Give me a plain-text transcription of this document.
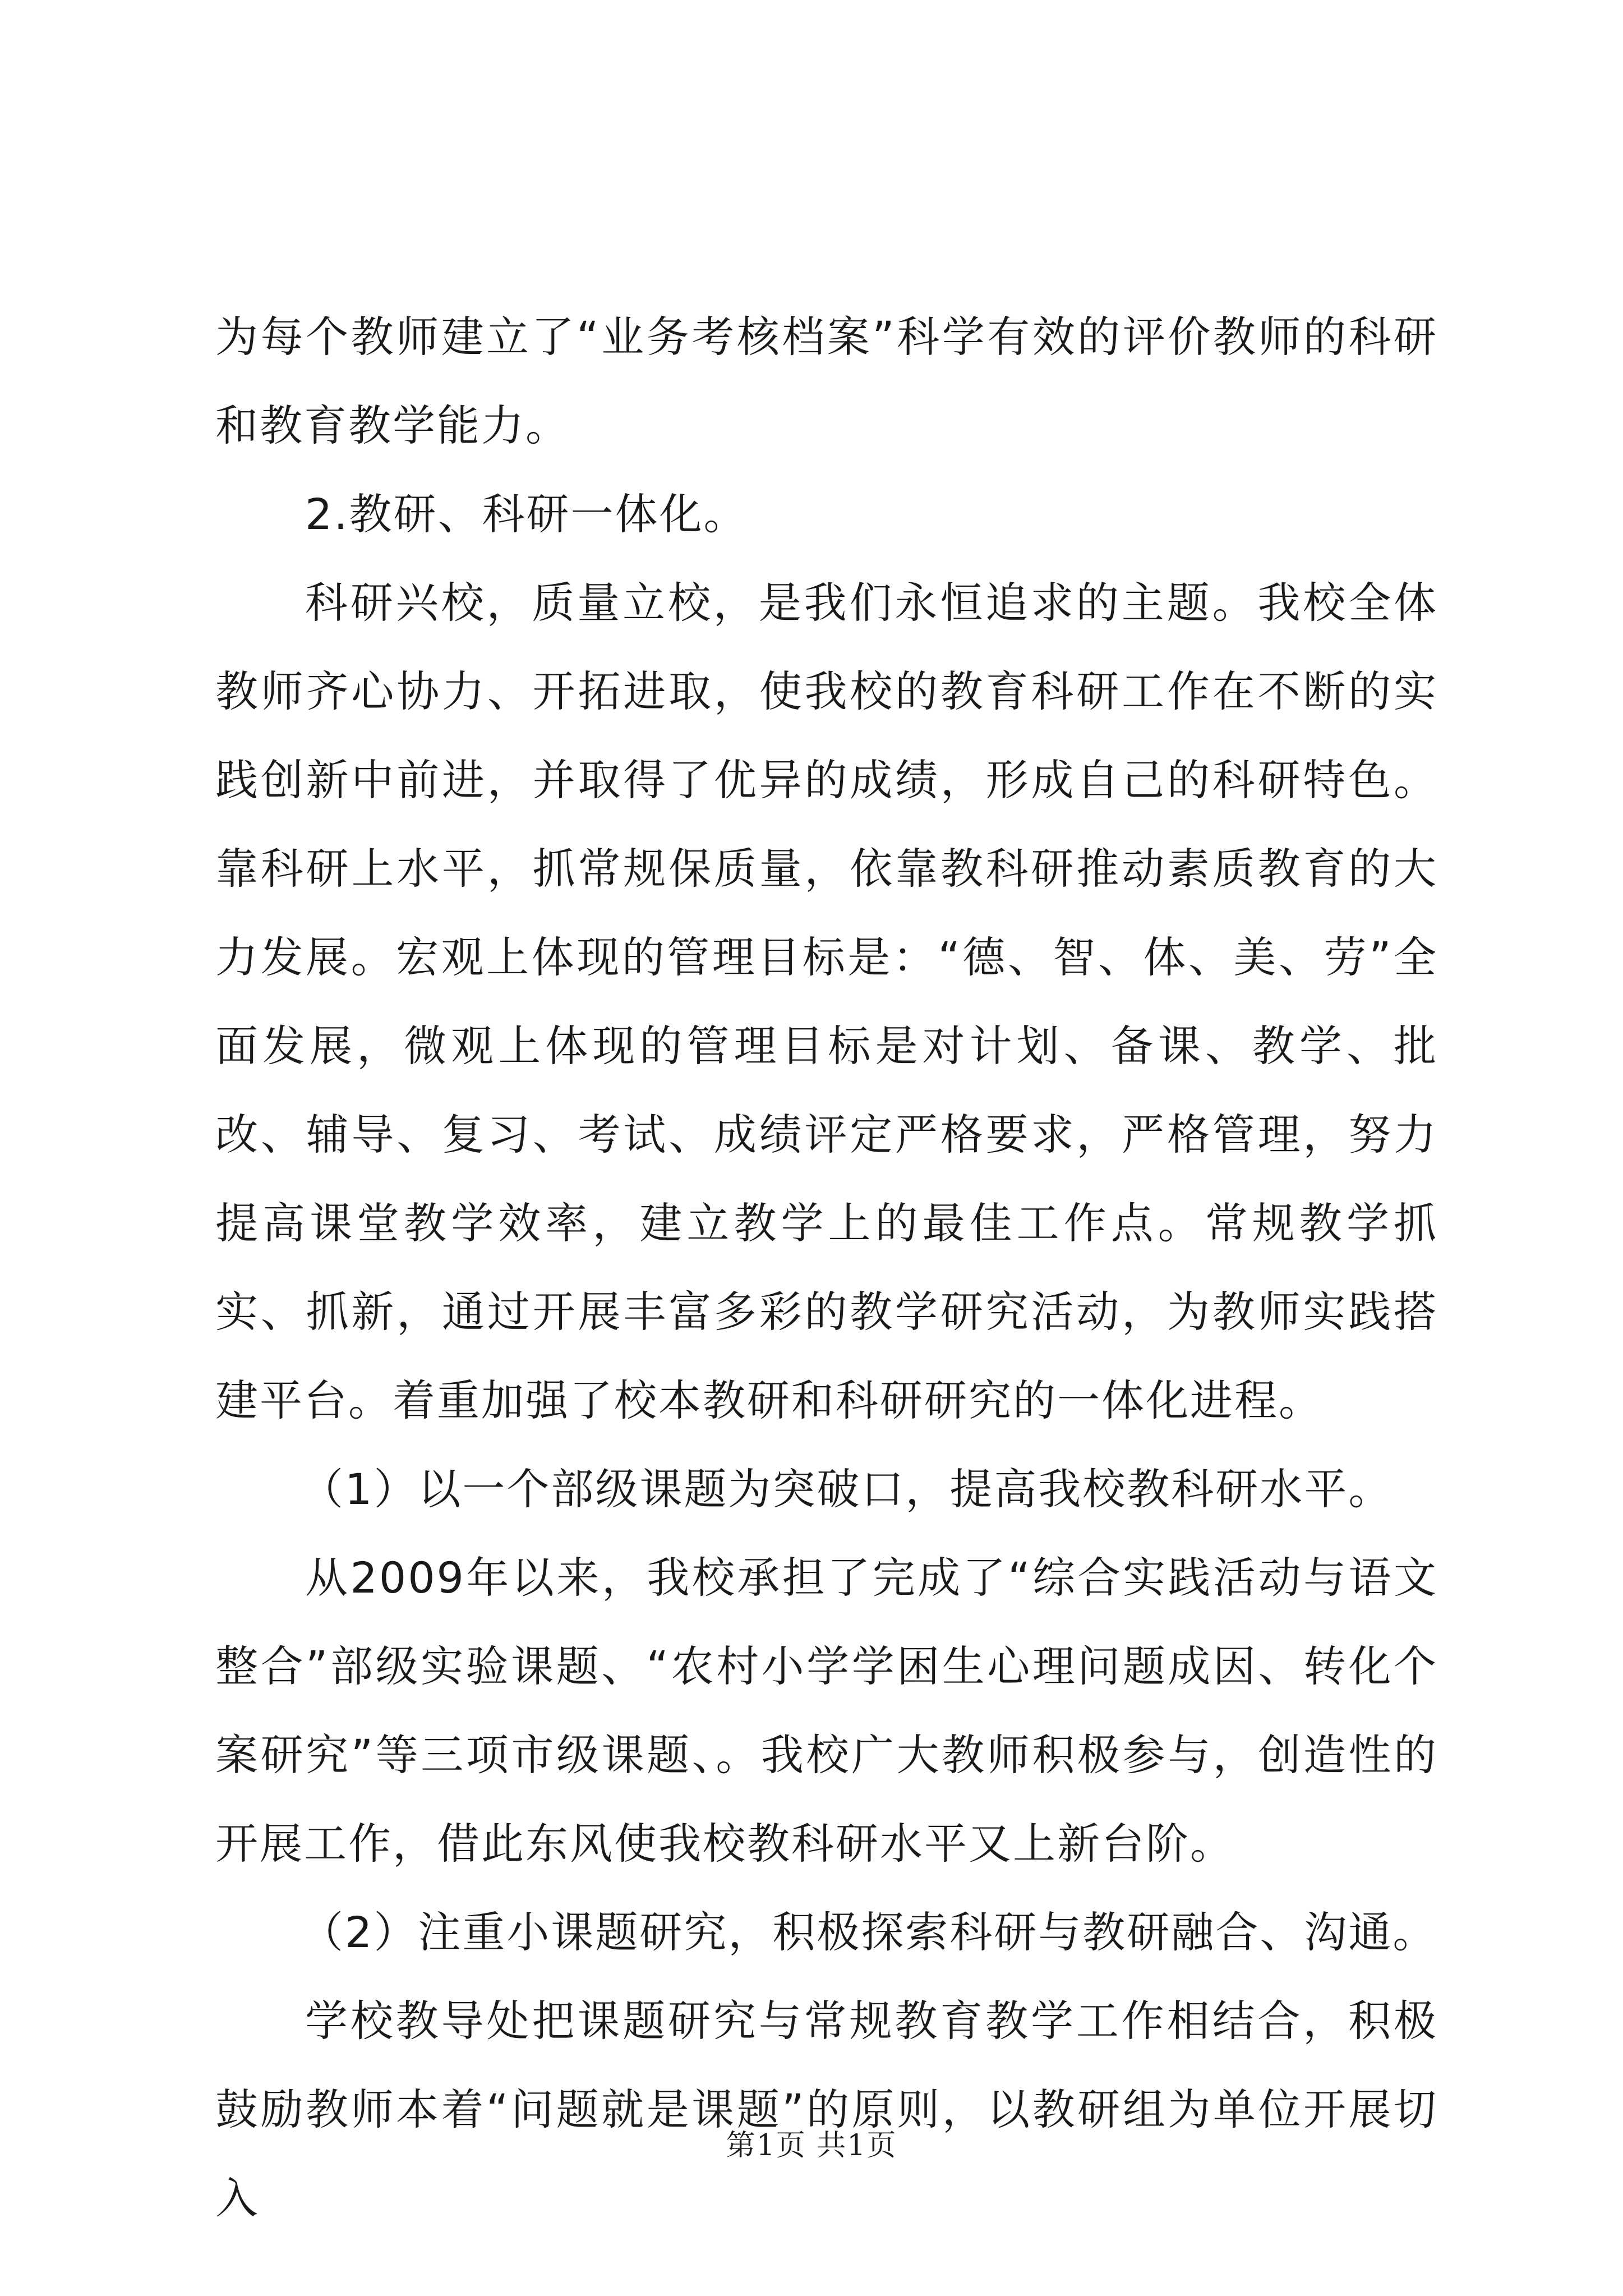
为每个教师建立了“业务考核档案”科学有效的评价教师的科研和教育教学能力。

2.教研、科研一体化。

科研兴校，质量立校，是我们永恒追求的主题。我校全体教师齐心协力、开拓进取，使我校的教育科研工作在不断的实践创新中前进，并取得了优异的成绩，形成自己的科研特色。靠科研上水平，抓常规保质量，依靠教科研推动素质教育的大力发展。宏观上体现的管理目标是：“德、智、体、美、劳”全面发展，微观上体现的管理目标是对计划、备课、教学、批改、辅导、复习、考试、成绩评定严格要求，严格管理，努力提高课堂教学效率，建立教学上的最佳工作点。常规教学抓实、抓新，通过开展丰富多彩的教学研究活动，为教师实践搭建平台。着重加强了校本教研和科研研究的一体化进程。

（1）以一个部级课题为突破口，提高我校教科研水平。

从2009年以来，我校承担了完成了“综合实践活动与语文整合”部级实验课题、“农村小学学困生心理问题成因、转化个案研究”等三项市级课题、。我校广大教师积极参与，创造性的开展工作，借此东风使我校教科研水平又上新台阶。

（2）注重小课题研究，积极探索科研与教研融合、沟通。

学校教导处把课题研究与常规教育教学工作相结合，积极鼓励教师本着“问题就是课题”的原则，以教研组为单位开展切入

第1页 共1页
